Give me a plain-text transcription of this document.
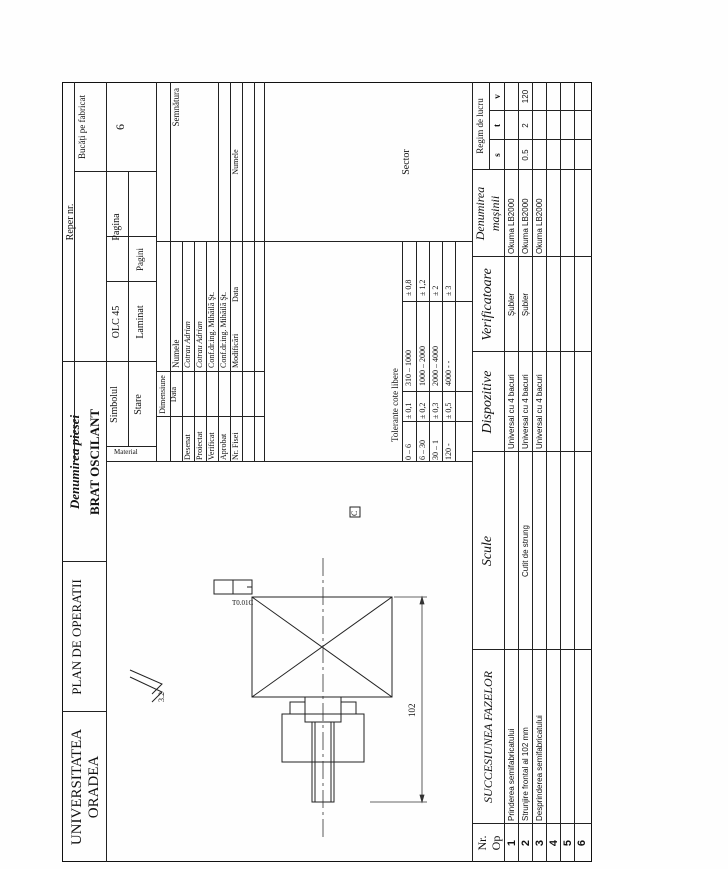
UNIVERSITATEA ORADEA
PLAN DE OPERATII
Denumirea piesei BRAT OSCILANT
Reper nr.
Bucăți pe fabricat 6
Material
Simbolul Stare
OLC 45 Laminat
Pagina
Pagini
Dimensiune Data
Numele
Semnătura
Desenat Proiectat Verificat Aprobat
Cotrau Adrian Cotrau Adrian Conf.dr.ing. Mihăilă Şt. Conf.dr.ing. Mihăilă Şt.
Nr. Fisei
Modificări
Data
Numele
Tolerante cote libere
Sector
0 – 6
± 0,1
310 – 1000
± 0,8
6 – 30
± 0,2
1000 – 2000
± 1,2
30 – 1
± 0,3
2000 – 4000
± 2
120 -
± 0,5
4000 - -
± 3
102
C
T0.01C
3.2
Nr. Op
SUCCESIUNEA FAZELOR
Scule
Dispozitive
Verificatoare
Denumirea mașinii
Regim de lucru
s
t
v
1
Prinderea semifabricatului
Universal cu 4 bacuri
Şubler
Okuma LB2000
2
Strunjire frontal al 102 mm
Cutit de strung
Universal cu 4 bacuri
Şubler
Okuma LB2000
0.5
2
120
3
Desprinderea semifabricatului
Universal cu 4 bacuri
Okuma LB2000
4 5 6
